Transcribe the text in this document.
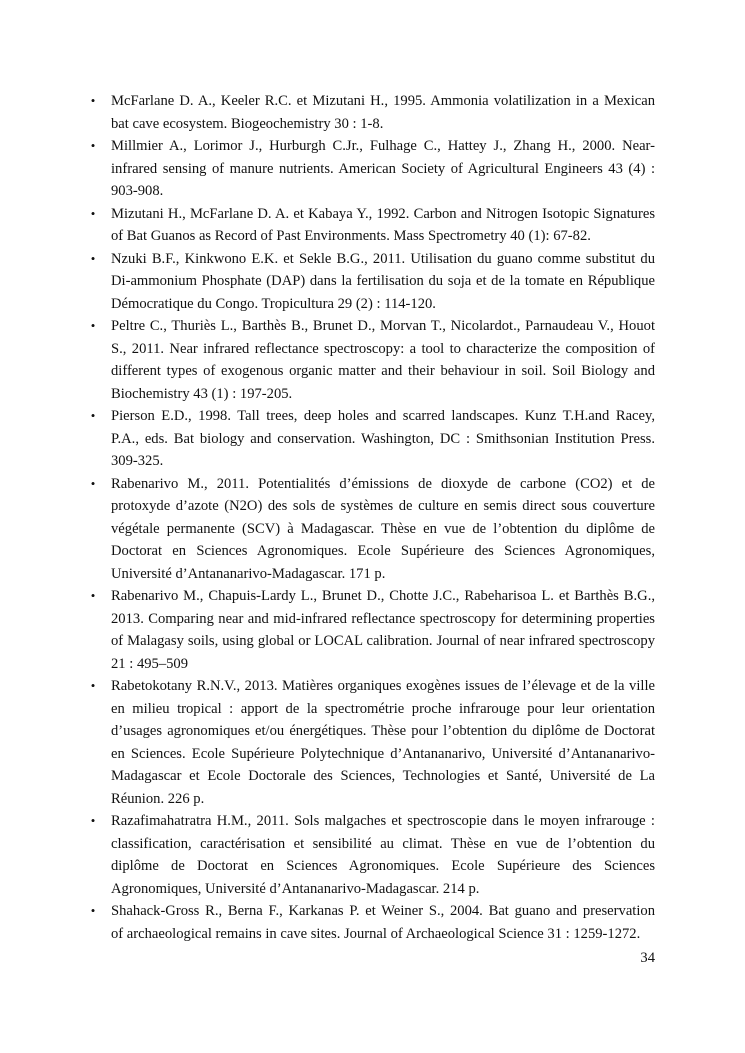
• McFarlane D. A., Keeler R.C. et Mizutani H., 1995. Ammonia volatilization in a Mexican
bat cave ecosystem. Biogeochemistry 30 : 1-8.
• Millmier A., Lorimor J., Hurburgh C.Jr., Fulhage C., Hattey J., Zhang H., 2000. Near-
infrared sensing of manure nutrients. American Society of Agricultural Engineers 43 (4) :
903-908.
• Mizutani H., McFarlane D. A. et Kabaya Y., 1992. Carbon and Nitrogen Isotopic Signatures
of Bat Guanos as Record of Past Environments. Mass Spectrometry 40 (1): 67-82.
• Nzuki B.F., Kinkwono E.K. et Sekle B.G., 2011. Utilisation du guano comme substitut du
Di-ammonium Phosphate (DAP) dans la fertilisation du soja et de la tomate en République
Démocratique du Congo. Tropicultura 29 (2) : 114-120.
• Peltre C., Thuriès L., Barthès B., Brunet D., Morvan T., Nicolardot., Parnaudeau V., Houot
S., 2011. Near infrared reflectance spectroscopy: a tool to characterize the composition of
different types of exogenous organic matter and their behaviour in soil. Soil Biology and
Biochemistry 43 (1) : 197-205.
• Pierson E.D., 1998. Tall trees, deep holes and scarred landscapes. Kunz T.H.and Racey,
P.A., eds. Bat biology and conservation. Washington, DC : Smithsonian Institution Press.
309-325.
• Rabenarivo M., 2011. Potentialités d’émissions de dioxyde de carbone (CO2) et de
protoxyde d’azote (N2O) des sols de systèmes de culture en semis direct sous couverture
végétale permanente (SCV) à Madagascar. Thèse en vue de l’obtention du diplôme de
Doctorat en Sciences Agronomiques. Ecole Supérieure des Sciences Agronomiques,
Université d’Antananarivo-Madagascar. 171 p.
• Rabenarivo M., Chapuis-Lardy L., Brunet D., Chotte J.C., Rabeharisoa L. et Barthès B.G.,
2013. Comparing near and mid-infrared reflectance spectroscopy for determining properties
of Malagasy soils, using global or LOCAL calibration. Journal of near infrared spectroscopy
21 : 495–509
• Rabetokotany R.N.V., 2013. Matières organiques exogènes issues de l’élevage et de la ville
en milieu tropical : apport de la spectrométrie proche infrarouge pour leur orientation
d’usages agronomiques et/ou énergétiques. Thèse pour l’obtention du diplôme de Doctorat
en Sciences. Ecole Supérieure Polytechnique d’Antananarivo, Université d’Antananarivo-
Madagascar et Ecole Doctorale des Sciences, Technologies et Santé, Université de La
Réunion. 226 p.
• Razafimahatratra H.M., 2011. Sols malgaches et spectroscopie dans le moyen infrarouge :
classification, caractérisation et sensibilité au climat. Thèse en vue de l’obtention du
diplôme de Doctorat en Sciences Agronomiques. Ecole Supérieure des Sciences
Agronomiques, Université d’Antananarivo-Madagascar. 214 p.
• Shahack-Gross R., Berna F., Karkanas P. et Weiner S., 2004. Bat guano and preservation
of archaeological remains in cave sites. Journal of Archaeological Science 31 : 1259-1272.
34
